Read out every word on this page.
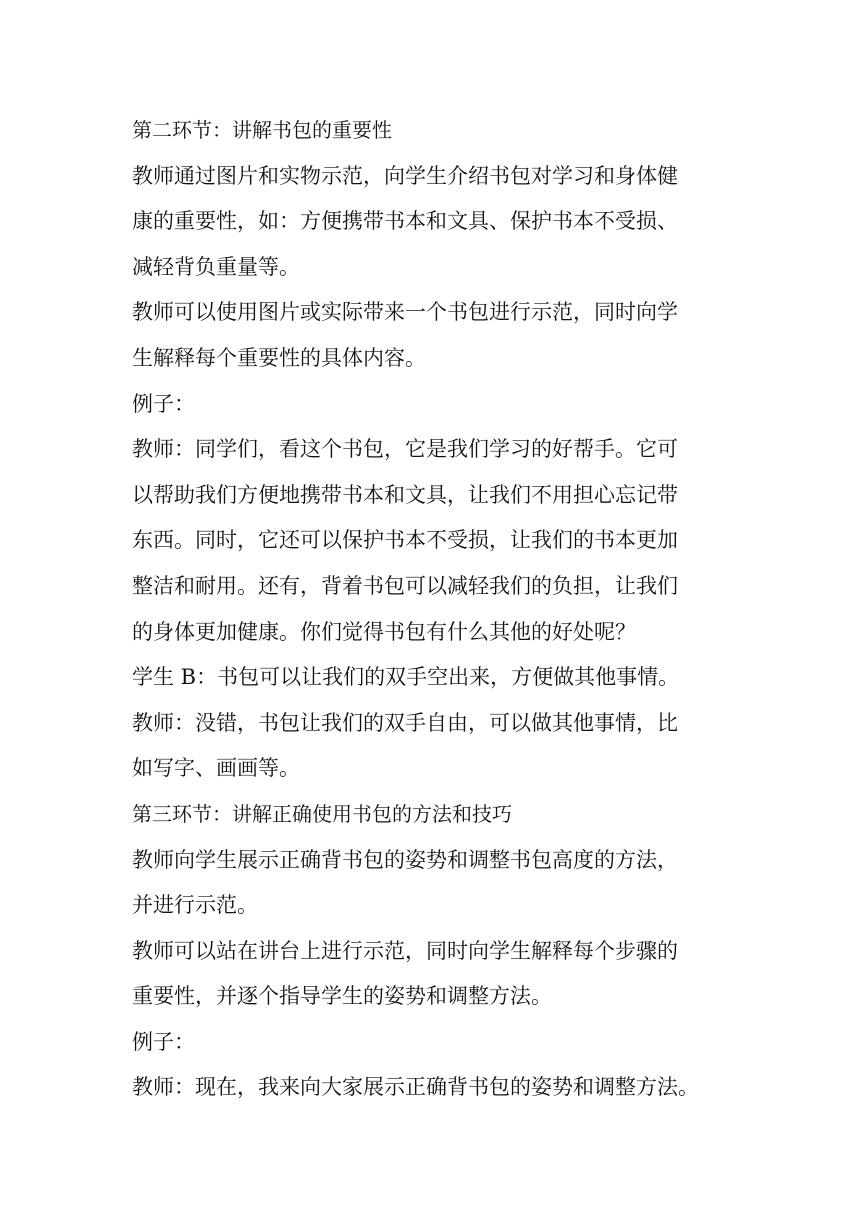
第二环节：讲解书包的重要性
教师通过图片和实物示范，向学生介绍书包对学习和身体健
康的重要性，如：方便携带书本和文具、保护书本不受损、
减轻背负重量等。
教师可以使用图片或实际带来一个书包进行示范，同时向学
生解释每个重要性的具体内容。
例子：
教师：同学们，看这个书包，它是我们学习的好帮手。它可
以帮助我们方便地携带书本和文具，让我们不用担心忘记带
东西。同时，它还可以保护书本不受损，让我们的书本更加
整洁和耐用。还有，背着书包可以减轻我们的负担，让我们
的身体更加健康。你们觉得书包有什么其他的好处呢？
学生 B：书包可以让我们的双手空出来，方便做其他事情。
教师：没错，书包让我们的双手自由，可以做其他事情，比
如写字、画画等。
第三环节：讲解正确使用书包的方法和技巧
教师向学生展示正确背书包的姿势和调整书包高度的方法，
并进行示范。
教师可以站在讲台上进行示范，同时向学生解释每个步骤的
重要性，并逐个指导学生的姿势和调整方法。
例子：
教师：现在，我来向大家展示正确背书包的姿势和调整方法。
